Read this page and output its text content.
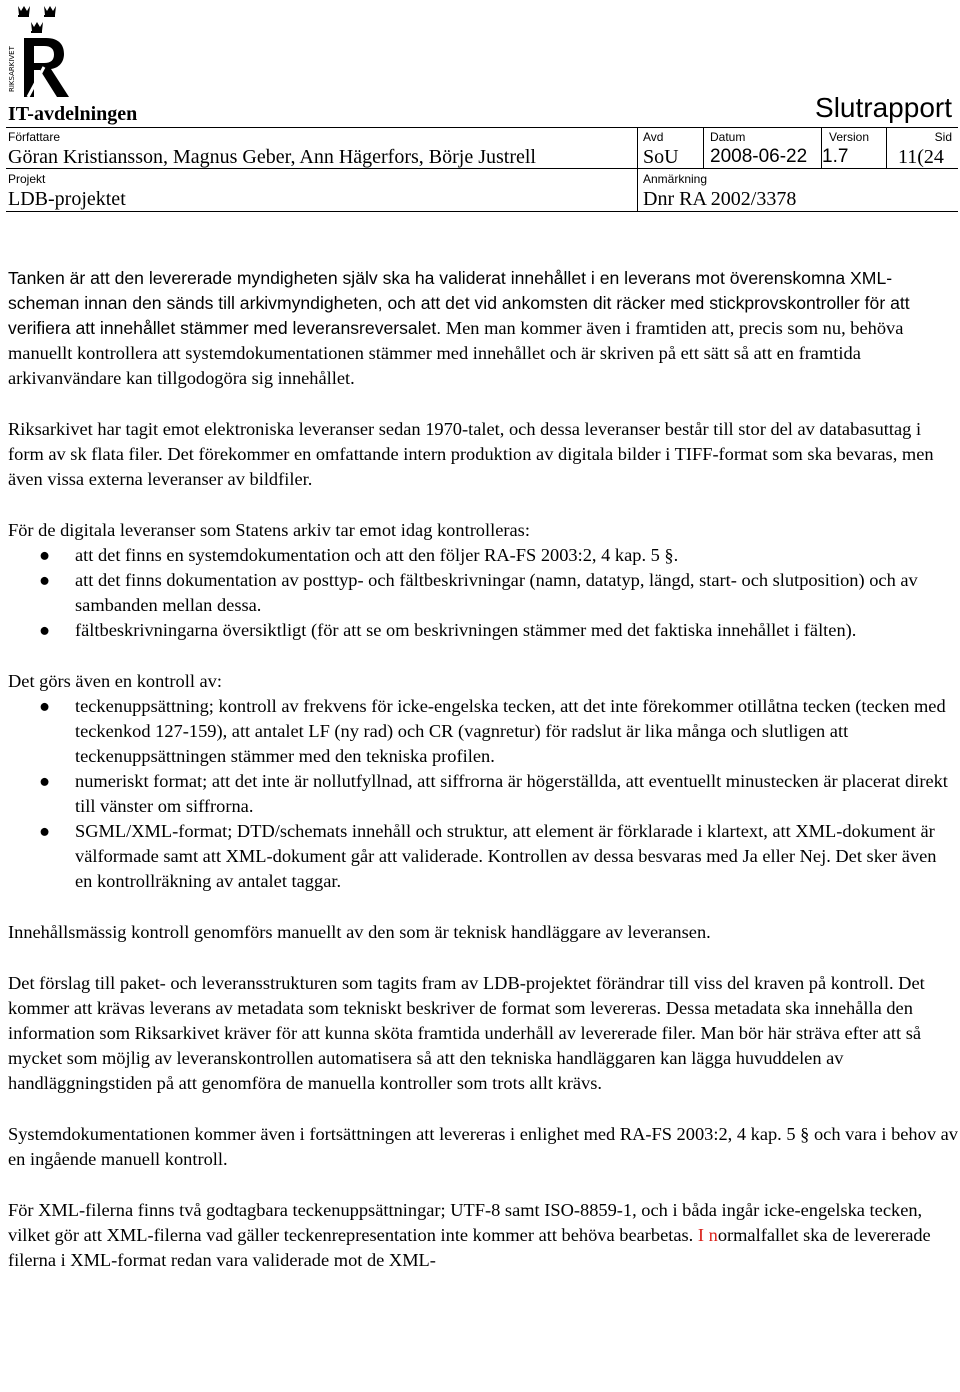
RIKSARKIVET
IT-avdelningen	Slutrapport
Författare
Göran Kristiansson, Magnus Geber, Ann Hägerfors, Börje Justrell
Avd
SoU
Datum
2008-06-22
Version
1.7
Sid
11(24
Projekt
LDB-projektet
Anmärkning
Dnr RA 2002/3378

Tanken är att den levererade myndigheten själv ska ha validerat innehållet i en leverans mot överenskomna XML-scheman innan den sänds till arkivmyndigheten, och att det vid ankomsten dit räcker med stickprovskontroller för att verifiera att innehållet stämmer med leveransreversalet. Men man kommer även i framtiden att, precis som nu, behöva manuellt kontrollera att systemdokumentationen stämmer med innehållet och är skriven på ett sätt så att en framtida arkivanvändare kan tillgodogöra sig innehållet.

Riksarkivet har tagit emot elektroniska leveranser sedan 1970-talet, och dessa leveranser består till stor del av databasuttag i form av sk flata filer. Det förekommer en omfattande intern produktion av digitala bilder i TIFF-format som ska bevaras, men även vissa externa leveranser av bildfiler.

För de digitala leveranser som Statens arkiv tar emot idag kontrolleras:

● att det finns en systemdokumentation och att den följer RA-FS 2003:2, 4 kap. 5 §.
● att det finns dokumentation av posttyp- och fältbeskrivningar (namn, datatyp, längd, start- och slutposition) och av sambanden mellan dessa.
● fältbeskrivningarna översiktligt (för att se om beskrivningen stämmer med det faktiska innehållet i fälten).

Det görs även en kontroll av:

● teckenuppsättning; kontroll av frekvens för icke-engelska tecken, att det inte förekommer otillåtna tecken (tecken med teckenkod 127-159), att antalet LF (ny rad) och CR (vagnretur) för radslut är lika många och slutligen att teckenuppsättningen stämmer med den tekniska profilen.
● numeriskt format; att det inte är nollutfyllnad, att siffrorna är högerställda, att eventuellt minustecken är placerat direkt till vänster om siffrorna.
● SGML/XML-format; DTD/schemats innehåll och struktur, att element är förklarade i klartext, att XML-dokument är välformade samt att XML-dokument går att validerade. Kontrollen av dessa besvaras med Ja eller Nej. Det sker även en kontrollräkning av antalet taggar.

Innehållsmässig kontroll genomförs manuellt av den som är teknisk handläggare av leveransen.

Det förslag till paket- och leveransstrukturen som tagits fram av LDB-projektet förändrar till viss del kraven på kontroll. Det kommer att krävas leverans av metadata som tekniskt beskriver de format som levereras. Dessa metadata ska innehålla den information som Riksarkivet kräver för att kunna sköta framtida underhåll av levererade filer. Man bör här sträva efter att så mycket som möjlig av leveranskontrollen automatisera så att den tekniska handläggaren kan lägga huvuddelen av handläggningstiden på att genomföra de manuella kontroller som trots allt krävs.

Systemdokumentationen kommer även i fortsättningen att levereras i enlighet med RA-FS 2003:2, 4 kap. 5 § och vara i behov av en ingående manuell kontroll.

För XML-filerna finns två godtagbara teckenuppsättningar; UTF-8 samt ISO-8859-1, och i båda ingår icke-engelska tecken, vilket gör att XML-filerna vad gäller teckenrepresentation inte kommer att behöva bearbetas. I normalfallet ska de levererade filerna i XML-format redan vara validerade mot de XML-
